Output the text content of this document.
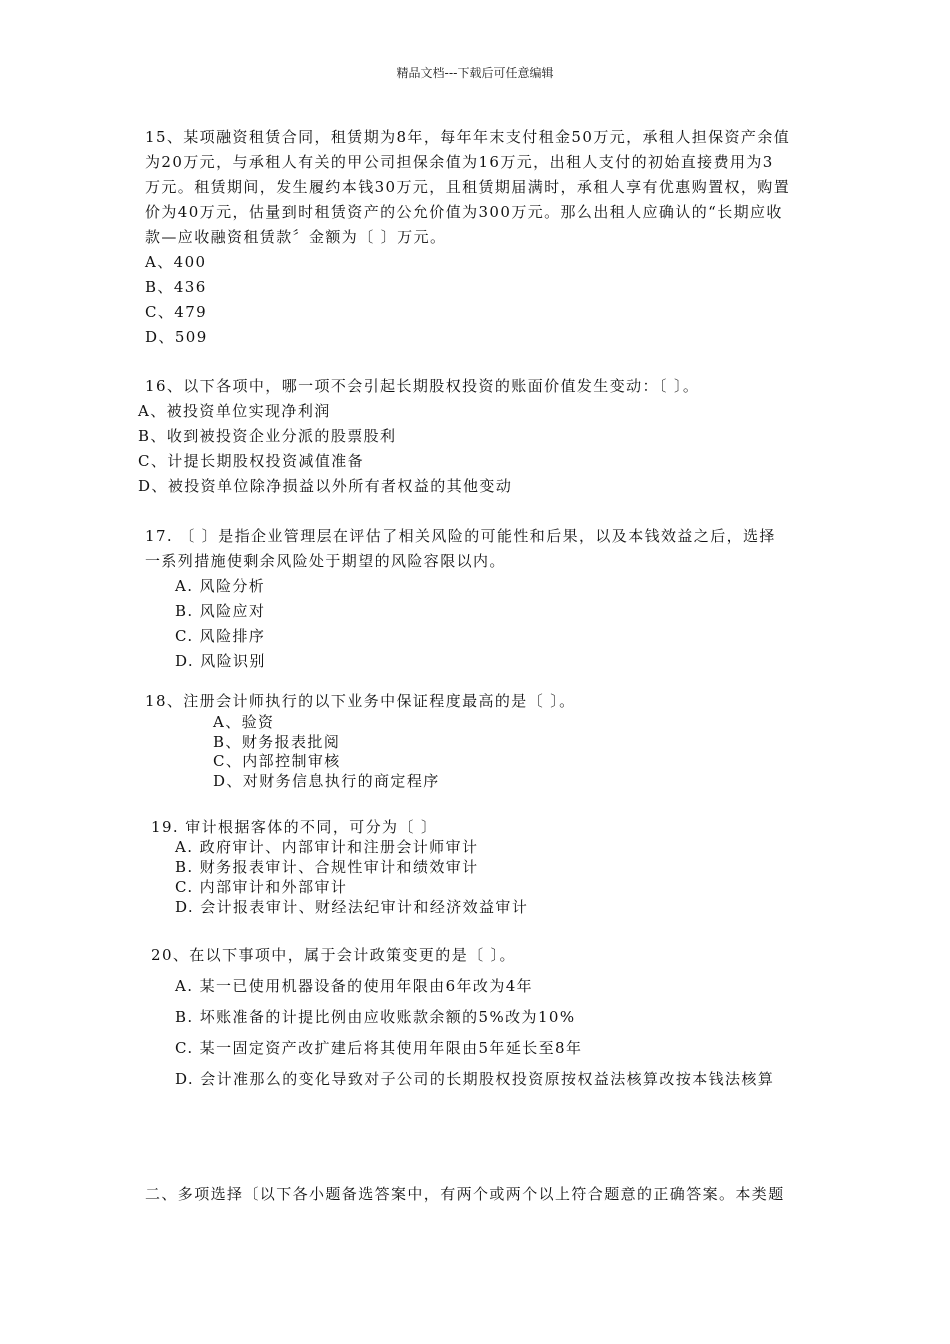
精品文档---下载后可任意编辑
15、某项融资租赁合同，租赁期为8年，每年年末支付租金50万元，承租人担保资产余值
为20万元，与承租人有关的甲公司担保余值为16万元，出租人支付的初始直接费用为3
万元。租赁期间，发生履约本钱30万元，且租赁期届满时，承租人享有优惠购置权，购置
价为40万元，估量到时租赁资产的公允价值为300万元。那么出租人应确认的“长期应收
款—应收融资租赁款〞金额为〔 〕万元。
A、400
B、436
C、479
D、509
16、以下各项中，哪一项不会引起长期股权投资的账面价值发生变动：〔 〕。
A、被投资单位实现净利润
B、收到被投资企业分派的股票股利
C、计提长期股权投资减值准备
D、被投资单位除净损益以外所有者权益的其他变动
17. 〔 〕是指企业管理层在评估了相关风险的可能性和后果，以及本钱效益之后，选择
一系列措施使剩余风险处于期望的风险容限以内。
A. 风险分析
B. 风险应对
C. 风险排序
D. 风险识别
18、注册会计师执行的以下业务中保证程度最高的是〔 〕。
A、验资
B、财务报表批阅
C、内部控制审核
D、对财务信息执行的商定程序
19. 审计根据客体的不同，可分为〔 〕
A. 政府审计、内部审计和注册会计师审计
B. 财务报表审计、合规性审计和绩效审计
C. 内部审计和外部审计
D. 会计报表审计、财经法纪审计和经济效益审计
20、在以下事项中，属于会计政策变更的是〔 〕。
A. 某一已使用机器设备的使用年限由6年改为4年
B. 坏账准备的计提比例由应收账款余额的5%改为10%
C. 某一固定资产改扩建后将其使用年限由5年延长至8年
D. 会计准那么的变化导致对子公司的长期股权投资原按权益法核算改按本钱法核算
二、多项选择〔以下各小题备选答案中，有两个或两个以上符合题意的正确答案。本类题
